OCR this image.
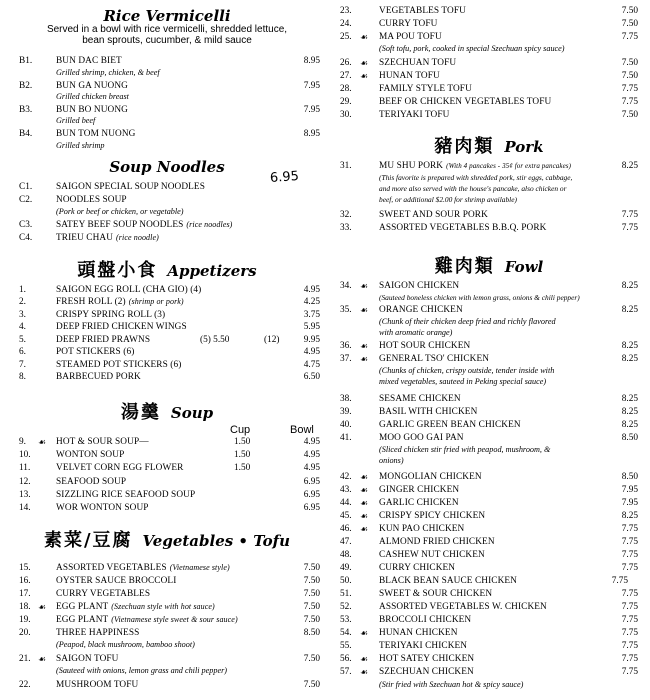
Rice Vermicelli
Served in a bowl with rice vermicelli, shredded lettuce,
bean sprouts, cucumber, & mild sauce
B1.	BUN DAC BIET	8.95
Grilled shrimp, chicken, & beef
B2.	BUN GA NUONG	7.95
Grilled chicken breast
B3.	BUN BO NUONG	7.95
Grilled beef
B4.	BUN TOM NUONG	8.95
Grilled shrimp
Soup Noodles
6.95
C1.	SAIGON SPECIAL SOUP NOODLES
C2.	NOODLES SOUP
(Pork or beef or chicken, or vegetable)
C3.	SATEY BEEF SOUP NOODLES (rice noodles)
C4.	TRIEU CHAU (rice noodle)
頭盤小食 Appetizers
1.	SAIGON EGG ROLL (CHA GIO) (4)	4.95
2.	FRESH ROLL (2) (shrimp or pork)	4.25
3.	CRISPY SPRING ROLL (3)	3.75
4.	DEEP FRIED CHICKEN WINGS	5.95
5.	DEEP FRIED PRAWNS	(5) 5.50	(12)	9.95
6.	POT STICKERS (6)	4.95
7.	STEAMED POT STICKERS (6)	4.75
8.	BARBECUED PORK	6.50
湯羹 Soup
Cup	Bowl
9. ☙ HOT & SOUR SOUP—	1.50	4.95
10.	WONTON SOUP	1.50	4.95
11.	VELVET CORN EGG FLOWER	1.50	4.95
12.	SEAFOOD SOUP	6.95
13.	SIZZLING RICE SEAFOOD SOUP	6.95
14.	WOR WONTON SOUP	6.95
素菜/豆腐 Vegetables • Tofu
15.	ASSORTED VEGETABLES (Vietnamese style)	7.50
16.	OYSTER SAUCE BROCCOLI	7.50
17.	CURRY VEGETABLES	7.50
18. ☙ EGG PLANT (Szechuan style with hot sauce)	7.50
19.	EGG PLANT (Vietnamese style sweet & sour sauce)	7.50
20.	THREE HAPPINESS	8.50
(Peapod, black mushroom, bamboo shoot)
21. ☙ SAIGON TOFU	7.50
(Sauteed with onions, lemon grass and chili pepper)
22.	MUSHROOM TOFU	7.50
23.	VEGETABLES TOFU	7.50
24.	CURRY TOFU	7.50
25. ☙ MA POU TOFU	7.75
(Soft tofu, pork, cooked in special Szechuan spicy sauce)
26. ☙ SZECHUAN TOFU	7.50
27. ☙ HUNAN TOFU	7.50
28.	FAMILY STYLE TOFU	7.75
29.	BEEF OR CHICKEN VEGETABLES TOFU	7.75
30.	TERIYAKI TOFU	7.50
豬肉類 Pork
31.	MU SHU PORK (With 4 pancakes - 35¢ for extra pancakes)	8.25
(This favorite is prepared with shredded pork, stir eggs, cabbage,
and more also served with the house's pancake, also chicken or
beef, or additional $2.00 for shrimp available)
32.	SWEET AND SOUR PORK	7.75
33.	ASSORTED VEGETABLES B.B.Q. PORK	7.75
雞肉類 Fowl
34. ☙ SAIGON CHICKEN	8.25
(Sauteed boneless chicken with lemon grass, onions & chili pepper)
35. ☙ ORANGE CHICKEN	8.25
(Chunk of their chicken deep fried and richly flavored
with aromatic orange)
36. ☙ HOT SOUR CHICKEN	8.25
37. ☙ GENERAL TSO' CHICKEN	8.25
(Chunks of chicken, crispy outside, tender inside with
mixed vegetables, sauteed in Peking special sauce)
38.	SESAME CHICKEN	8.25
39.	BASIL WITH CHICKEN	8.25
40.	GARLIC GREEN BEAN CHICKEN	8.25
41.	MOO GOO GAI PAN	8.50
(Sliced chicken stir fried with peapod, mushroom, &
onions)
42. ☙ MONGOLIAN CHICKEN	8.50
43. ☙ GINGER CHICKEN	7.95
44. ☙ GARLIC CHICKEN	7.95
45. ☙ CRISPY SPICY CHICKEN	8.25
46. ☙ KUN PAO CHICKEN	7.75
47.	ALMOND FRIED CHICKEN	7.75
48.	CASHEW NUT CHICKEN	7.75
49.	CURRY CHICKEN	7.75
50.	BLACK BEAN SAUCE CHICKEN	7.75
51.	SWEET & SOUR CHICKEN	7.75
52.	ASSORTED VEGETABLES W. CHICKEN	7.75
53.	BROCCOLI CHICKEN	7.75
54. ☙ HUNAN CHICKEN	7.75
55.	TERIYAKI CHICKEN	7.75
56. ☙ HOT SATEY CHICKEN	7.75
57. ☙ SZECHUAN CHICKEN	7.75
(Stir fried with Szechuan hot & spicy sauce)
